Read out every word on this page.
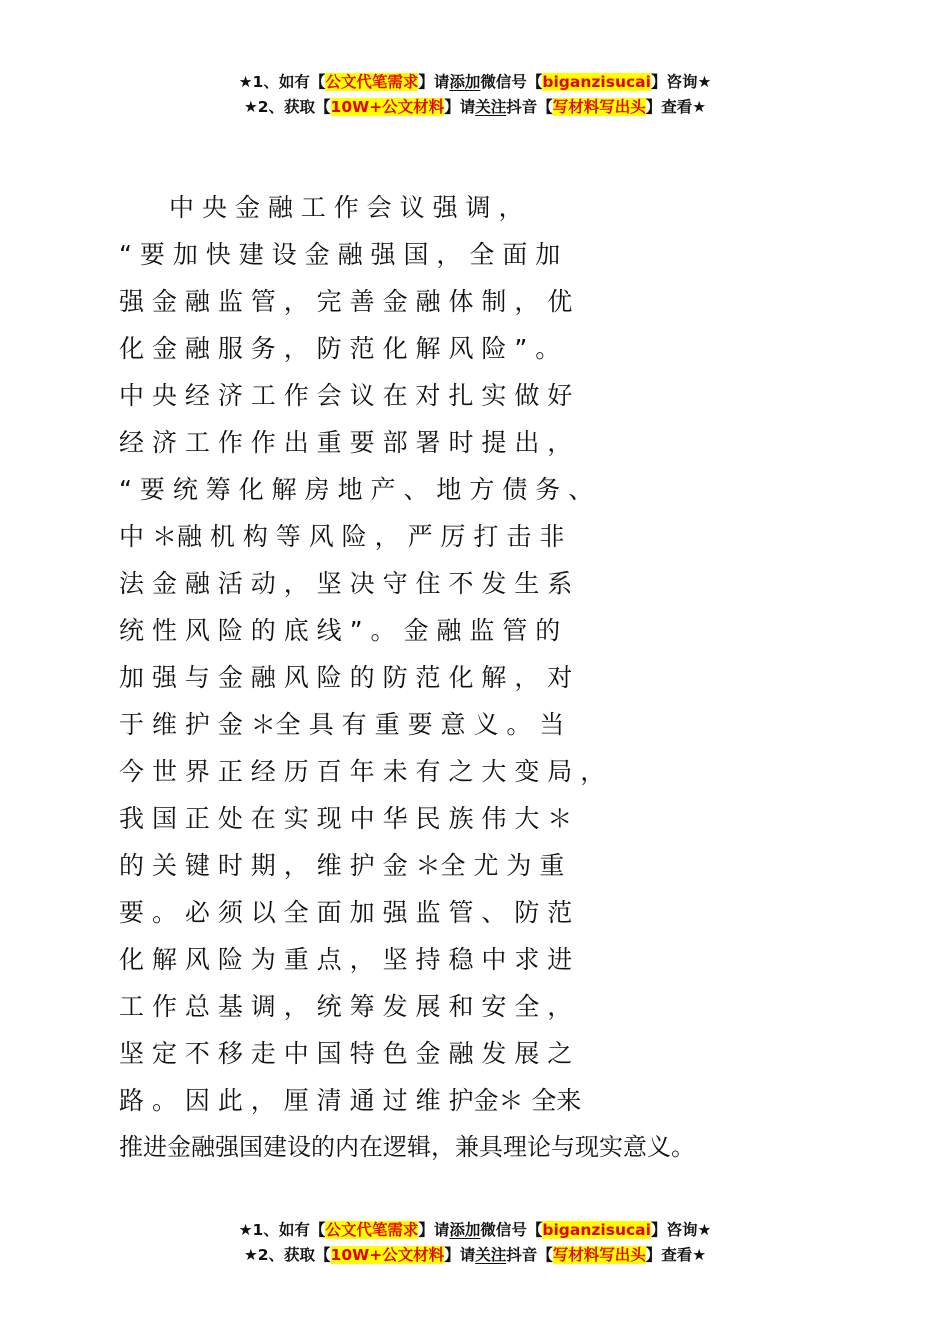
★1、如有【公文代笔需求】请添加微信号【biganzisucai】咨询★
★2、获取【10W+公文材料】请关注抖音【写材料写出头】查看★
　　中 央 金 融 工 作 会 议 强 调 ，
“ 要 加 快 建 设 金 融 强 国 ， 全 面 加
强 金 融 监 管 ， 完 善 金 融 体 制 ， 优
化 金 融 服 务 ， 防 范 化 解 风 险 ” 。
中 央 经 济 工 作 会 议 在 对 扎 实 做 好
经 济 工 作 作 出 重 要 部 署 时 提 出 ，
“ 要 统 筹 化 解 房 地 产 、 地 方 债 务 、
中 ＊融 机 构 等 风 险 ， 严 厉 打 击 非
法 金 融 活 动 ， 坚 决 守 住 不 发 生 系
统 性 风 险 的 底 线 ” 。 金 融 监 管 的
加 强 与 金 融 风 险 的 防 范 化 解 ， 对
于 维 护 金 ＊全 具 有 重 要 意 义 。 当
今 世 界 正 经 历 百 年 未 有 之 大 变 局 ，
我 国 正 处 在 实 现 中 华 民 族 伟 大 ＊
的 关 键 时 期 ， 维 护 金 ＊全 尤 为 重
要 。 必 须 以 全 面 加 强 监 管 、 防 范
化 解 风 险 为 重 点 ， 坚 持 稳 中 求 进
工 作 总 基 调 ， 统 筹 发 展 和 安 全 ，
坚 定 不 移 走 中 国 特 色 金 融 发 展 之
路 。 因 此 ， 厘 清 通 过 维 护金＊ 全来
推进金融强国建设的内在逻辑，兼具理论与现实意义。
★1、如有【公文代笔需求】请添加微信号【biganzisucai】咨询★
★2、获取【10W+公文材料】请关注抖音【写材料写出头】查看★
